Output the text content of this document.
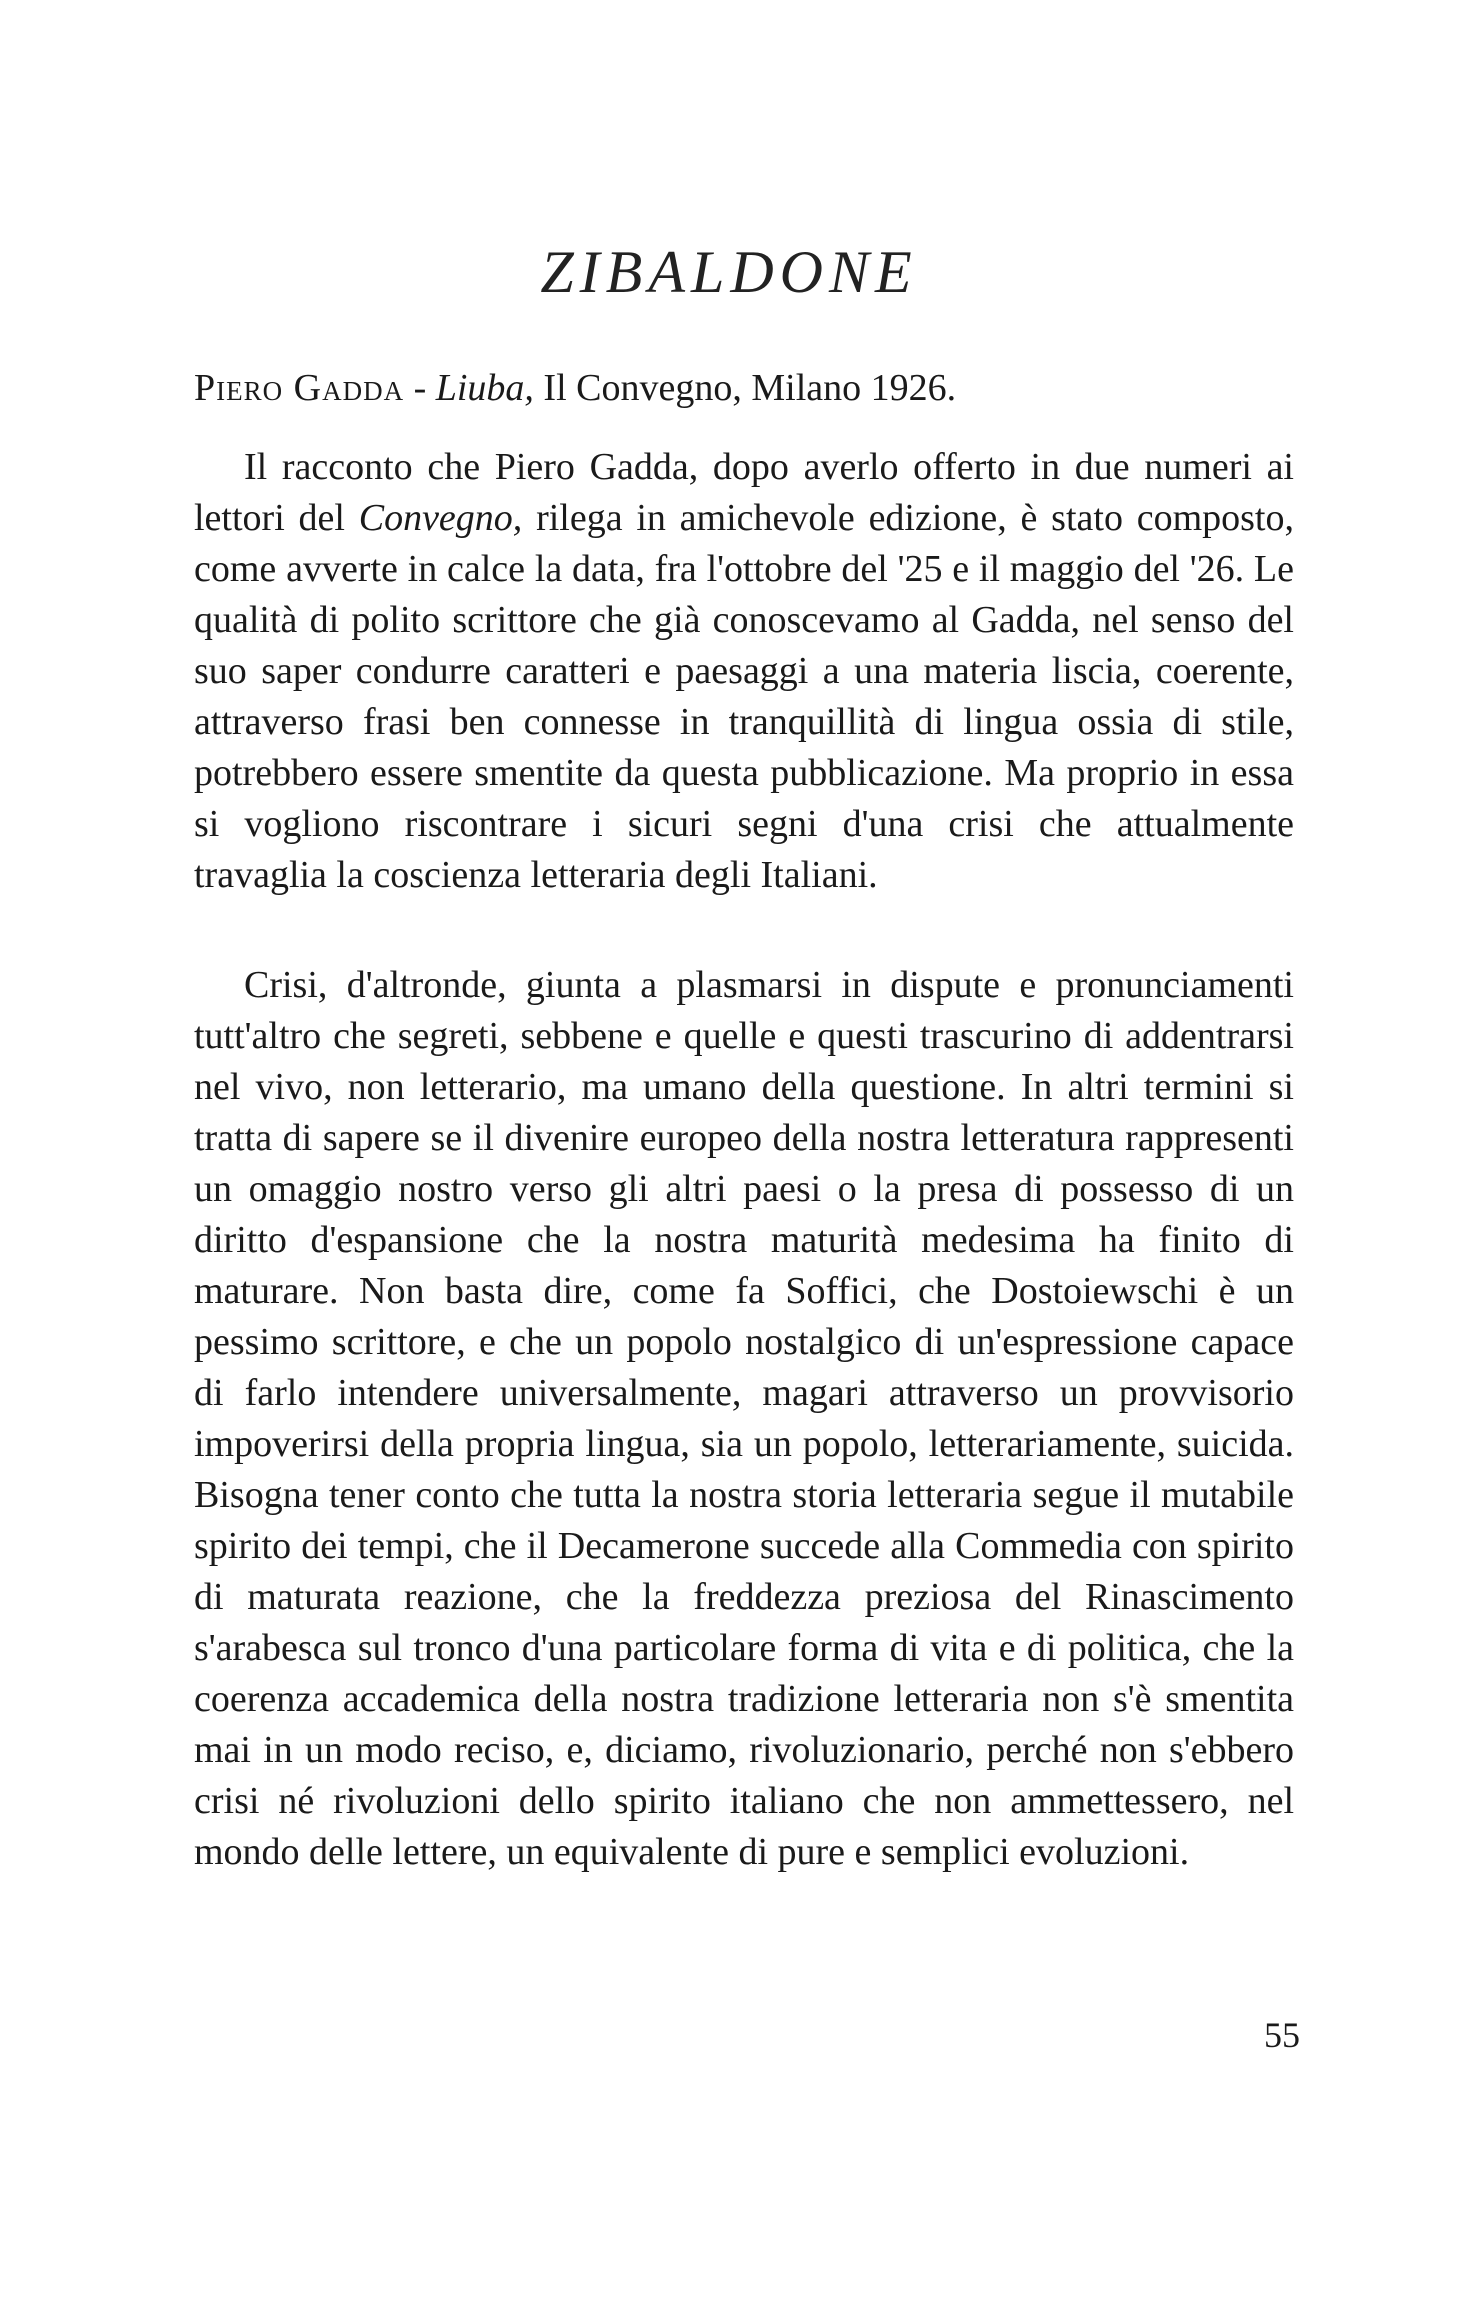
ZIBALDONE
Piero Gadda - Liuba, Il Convegno, Milano 1926.

Il racconto che Piero Gadda, dopo averlo offerto in due numeri ai lettori del Convegno, rilega in amichevole edizione, è stato composto, come avverte in calce la data, fra l'ottobre del '25 e il maggio del '26. Le qualità di polito scrittore che già conoscevamo al Gadda, nel senso del suo saper condurre caratteri e paesaggi a una materia liscia, coerente, attraverso frasi ben connesse in tranquillità di lingua ossia di stile, potrebbero essere smentite da questa pubblicazione. Ma proprio in essa si vogliono riscontrare i sicuri segni d'una crisi che attualmente travaglia la coscienza letteraria degli Italiani.

Crisi, d'altronde, giunta a plasmarsi in dispute e pronunciamenti tutt'altro che segreti, sebbene e quelle e questi trascurino di addentrarsi nel vivo, non letterario, ma umano della questione. In altri termini si tratta di sapere se il divenire europeo della nostra letteratura rappresenti un omaggio nostro verso gli altri paesi o la presa di possesso di un diritto d'espansione che la nostra maturità medesima ha finito di maturare. Non basta dire, come fa Soffici, che Dostoiewschi è un pessimo scrittore, e che un popolo nostalgico di un'espressione capace di farlo intendere universalmente, magari attraverso un provvisorio impoverirsi della propria lingua, sia un popolo, letterariamente, suicida. Bisogna tener conto che tutta la nostra storia letteraria segue il mutabile spirito dei tempi, che il Decamerone succede alla Commedia con spirito di maturata reazione, che la freddezza preziosa del Rinascimento s'arabesca sul tronco d'una particolare forma di vita e di politica, che la coerenza accademica della nostra tradizione letteraria non s'è smentita mai in un modo reciso, e, diciamo, rivoluzionario, perché non s'ebbero crisi né rivoluzioni dello spirito italiano che non ammettessero, nel mondo delle lettere, un equivalente di pure e semplici evoluzioni.

55
